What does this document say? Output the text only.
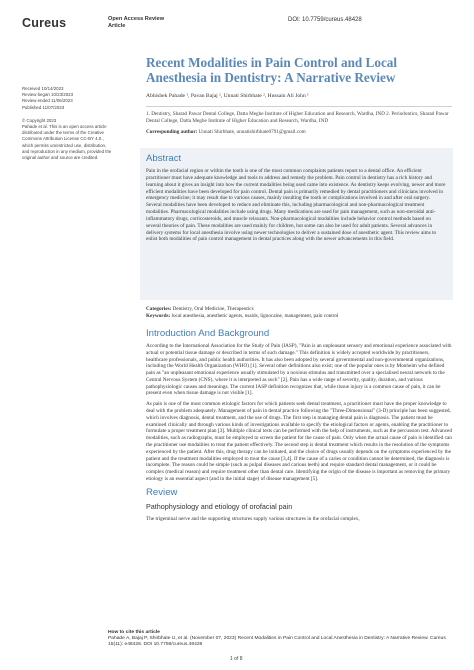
Cureus	Open Access Review
Article
DOI: 10.7759/cureus.48428
Received 10/14/2023
Review began 10/23/2023
Review ended 11/06/2023
Published 11/07/2023
© Copyright 2023
Pahade et al. This is an open access article distributed under the terms of the Creative Commons Attribution License CC-BY 4.0., which permits unrestricted use, distribution, and reproduction in any medium, provided the original author and source are credited.
Recent Modalities in Pain Control and Local Anesthesia in Dentistry: A Narrative Review
Abhishek Pahade ¹, Pavan Bajaj ², Unnati Shirbhate ², Hussain Ali John ¹
1. Dentistry, Sharad Pawar Dental College, Datta Meghe Institute of Higher Education and Research, Wardha, IND 2. Periodontics, Sharad Pawar Dental College, Datta Meghe Institute of Higher Education and Research, Wardha, IND
Corresponding author: Unnati Shirbhate, unnatishirbhate0791@gmail.com
Abstract

Pain in the orofacial region or within the tooth is one of the most common complaints patients report to a dental office. An efficient practitioner must have adequate knowledge and tools to address and remedy the problem. Pain control in dentistry has a rich history and learning about it gives an insight into how the current modalities being used came into existence. As dentistry keeps evolving, newer and more efficient modalities have been developed for pain control. Dental pain is primarily remedied by dental practitioners and clinicians involved in emergency medicine; it may result due to various causes, mainly insulting the tooth or complications involved in and after oral surgery. Several modalities have been developed to reduce and eliminate this, including pharmacological and non-pharmacological treatment modalities. Pharmacological modalities include using drugs. Many medications are used for pain management, such as non-steroidal anti-inflammatory drugs, corticosteroids, and muscle relaxants. Non-pharmacological modalities include behavior control methods based on several theories of pain. These modalities are used mainly for children, but some can also be used for adult patients. Several advances in delivery systems for local anesthesia involve using newer technologies to deliver a sustained dose of anesthetic agent. This review aims to enlist both modalities of pain control management in dental practices along with the newer advancements in this field.

Categories: Dentistry, Oral Medicine, Therapeutics
Keywords: local anesthesia, anesthetic agents, nsaids, lignocaine, management, pain control
Introduction And Background

According to the International Association for the Study of Pain (IASP), "Pain is an unpleasant sensory and emotional experience associated with actual or potential tissue damage or described in terms of such damage." This definition is widely accepted worldwide by practitioners, healthcare professionals, and public health authorities. It has also been adopted by several governmental and non-governmental organizations, including the World Health Organization (WHO) [1]. Several other definitions also exist; one of the popular ones is by Monheim who defined pain as "an unpleasant emotional experience usually stimulated by a noxious stimulus and transmitted over a specialised neural network to the Central Nervous System (CNS), where it is interpreted as such" [2]. Pain has a wide range of severity, quality, duration, and various pathophysiologic causes and meanings. The current IASP definition recognizes that, while tissue injury is a common cause of pain, it can be present even when tissue damage is not visible [1].

As pain is one of the most common etiologic factors for which patients seek dental treatment, a practitioner must have the proper knowledge to deal with the problem adequately. Management of pain in dental practice following the "Three-Dimensional" (3-D) principle has been suggested, which involves diagnosis, dental treatment, and the use of drugs. The first step in managing dental pain is diagnosis. The patient must be examined clinically and through various kinds of investigations available to specify the etiological factors or agents, enabling the practitioner to formulate a proper treatment plan [3]. Multiple clinical tests can be performed with the help of instruments, such as the percussion test. Advanced modalities, such as radiographs, must be employed to screen the patient for the cause of pain. Only when the actual cause of pain is identified can the practitioner use modalities to treat the patient effectively. The second step is dental treatment which results in the resolution of the symptoms experienced by the patient. After this, drug therapy can be initiated, and the choice of drugs usually depends on the symptoms experienced by the patient and the treatment modalities employed to treat the cause [3,4]. If the cause of a caries or condition cannot be determined, the diagnosis is incomplete. The reason could be simple (such as pulpal diseases and carious teeth) and require standard dental management, or it could be complex (medical reason) and require treatment other than dental care. Identifying the origin of the disease is important as removing the primary etiology is an essential aspect (and in the initial stage) of disease management [5].

Review
Pathophysiology and etiology of orofacial pain

The trigeminal nerve and the supporting structures supply various structures in the orofacial complex,

How to cite this article
Pahade A, Bajaj P, Shirbhate U, et al. (November 07, 2023) Recent Modalities in Pain Control and Local Anesthesia in Dentistry: A Narrative Review. Cureus 15(11): e48428. DOI 10.7759/cureus.48428
1 of 8
